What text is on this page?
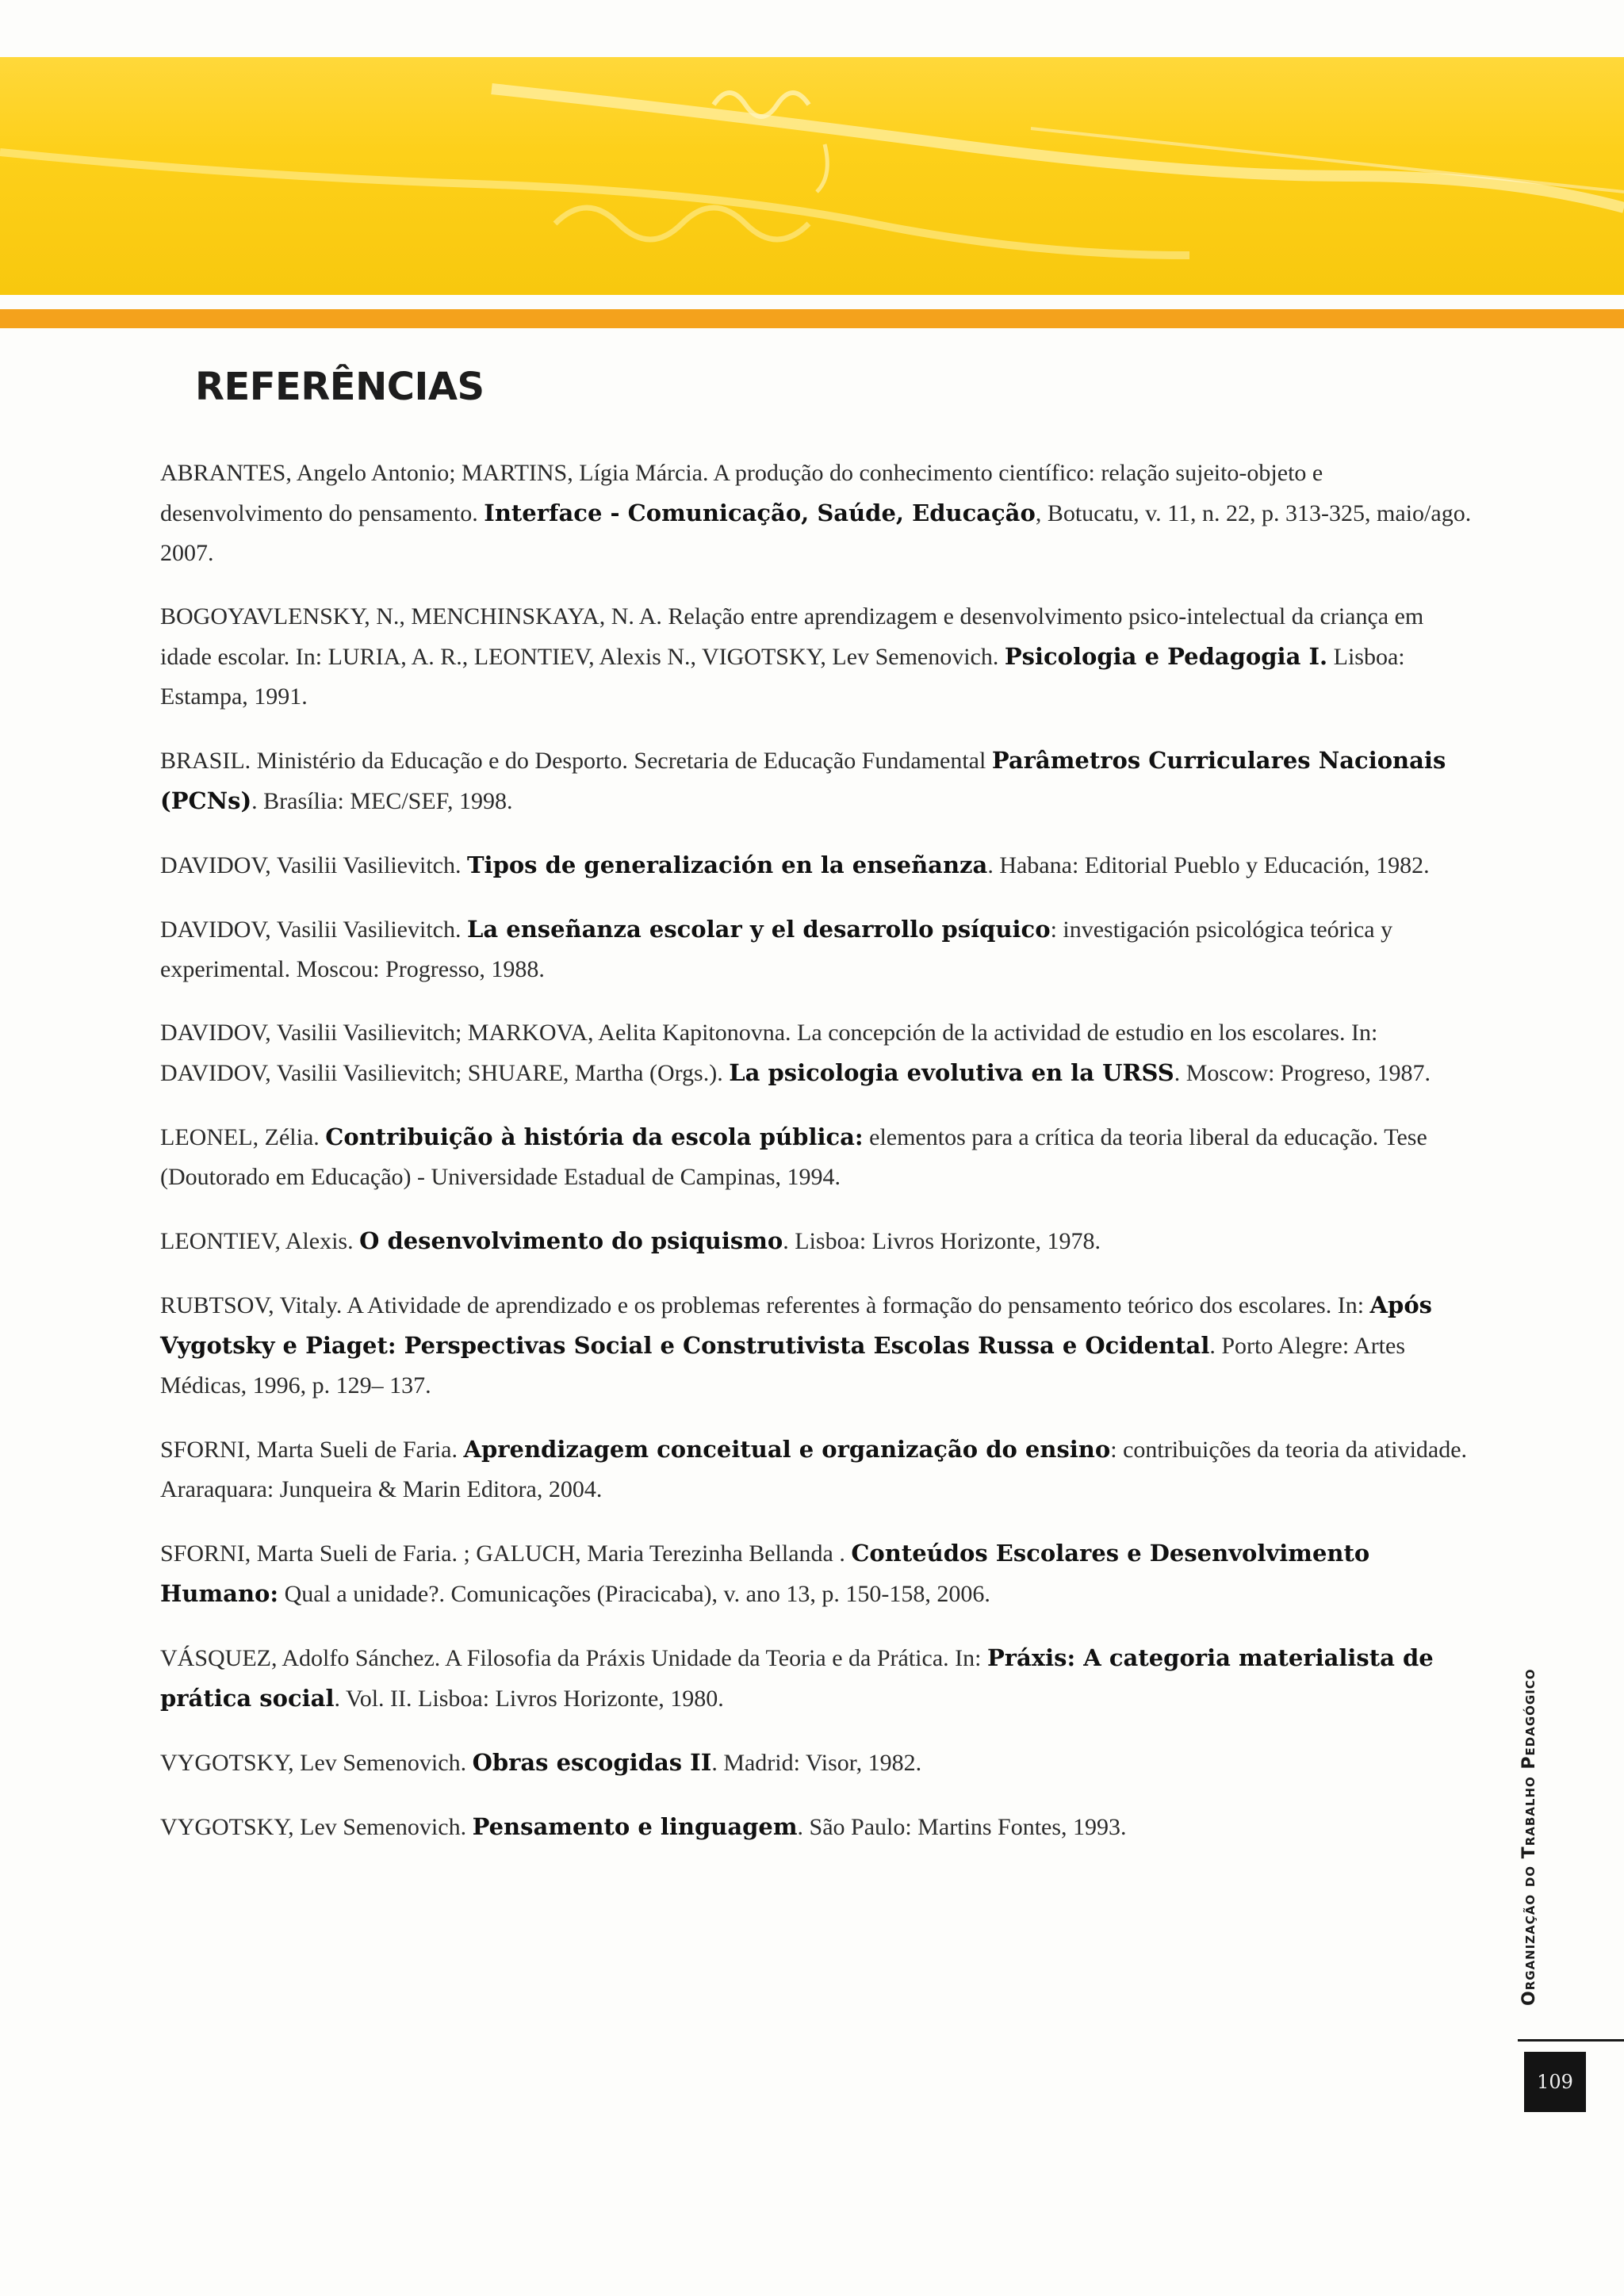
REFERÊNCIAS

ABRANTES, Angelo Antonio; MARTINS, Lígia Márcia. A produção do conhecimento científico: relação sujeito-objeto e desenvolvimento do pensamento. Interface - Comunicação, Saúde, Educação, Botucatu, v. 11, n. 22, p. 313-325, maio/ago. 2007.

BOGOYAVLENSKY, N., MENCHINSKAYA, N. A. Relação entre aprendizagem e desenvolvimento psico-intelectual da criança em idade escolar. In: LURIA, A. R., LEONTIEV, Alexis N., VIGOTSKY, Lev Semenovich. Psicologia e Pedagogia I. Lisboa: Estampa, 1991.

BRASIL. Ministério da Educação e do Desporto. Secretaria de Educação Fundamental Parâmetros Curriculares Nacionais (PCNs). Brasília: MEC/SEF, 1998.

DAVIDOV, Vasilii Vasilievitch. Tipos de generalización en la enseñanza. Habana: Editorial Pueblo y Educación, 1982.

DAVIDOV, Vasilii Vasilievitch. La enseñanza escolar y el desarrollo psíquico: investigación psicológica teórica y experimental. Moscou: Progresso, 1988.

DAVIDOV, Vasilii Vasilievitch; MARKOVA, Aelita Kapitonovna. La concepción de la actividad de estudio en los escolares. In: DAVIDOV, Vasilii Vasilievitch; SHUARE, Martha (Orgs.). La psicologia evolutiva en la URSS. Moscow: Progreso, 1987.

LEONEL, Zélia. Contribuição à história da escola pública: elementos para a crítica da teoria liberal da educação. Tese (Doutorado em Educação) - Universidade Estadual de Campinas, 1994.

LEONTIEV, Alexis. O desenvolvimento do psiquismo. Lisboa: Livros Horizonte, 1978.

RUBTSOV, Vitaly. A Atividade de aprendizado e os problemas referentes à formação do pensamento teórico dos escolares. In: Após Vygotsky e Piaget: Perspectivas Social e Construtivista Escolas Russa e Ocidental. Porto Alegre: Artes Médicas, 1996, p. 129– 137.

SFORNI, Marta Sueli de Faria. Aprendizagem conceitual e organização do ensino: contribuições da teoria da atividade. Araraquara: Junqueira & Marin Editora, 2004.

SFORNI, Marta Sueli de Faria. ; GALUCH, Maria Terezinha Bellanda . Conteúdos Escolares e Desenvolvimento Humano: Qual a unidade?. Comunicações (Piracicaba), v. ano 13, p. 150-158, 2006.

VÁSQUEZ, Adolfo Sánchez. A Filosofia da Práxis Unidade da Teoria e da Prática. In: Práxis: A categoria materialista de prática social. Vol. II. Lisboa: Livros Horizonte, 1980.

VYGOTSKY, Lev Semenovich. Obras escogidas II. Madrid: Visor, 1982.

VYGOTSKY, Lev Semenovich. Pensamento e linguagem. São Paulo: Martins Fontes, 1993.	Organização do Trabalho Pedagógico
109
